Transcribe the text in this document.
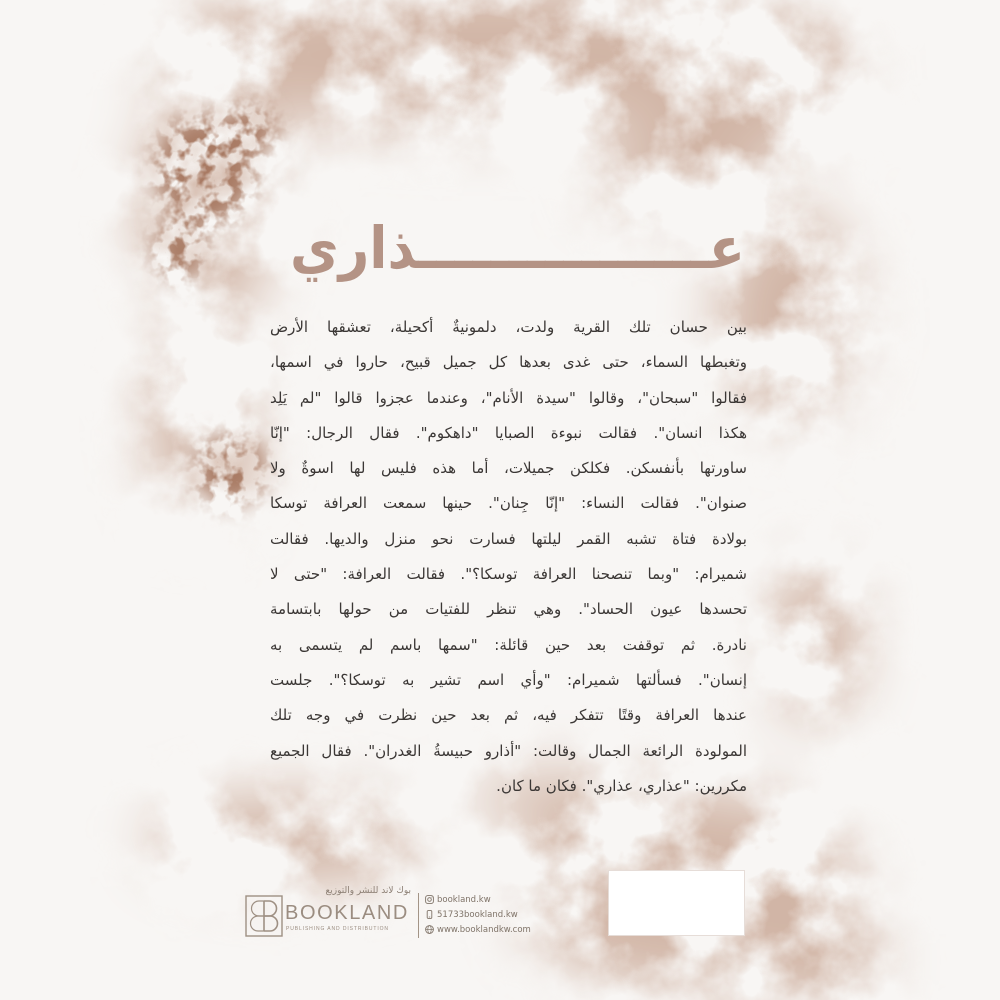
عــــــــــــــــذاري
بين حسان تلك القرية ولدت، دلمونيةٌ أكحيلة، تعشقها الأرض
وتغبطها السماء، حتى غدى بعدها كل جميل قبيح، حاروا في اسمها،
فقالوا "سبحان"، وقالوا "سيدة الأنام"، وعندما عجزوا قالوا "لم يَلِد
هكذا انسان". فقالت نبوءة الصبايا "داهكوم". فقال الرجال: "إنّا
ساورتها بأنفسكن. فكلكن جميلات، أما هذه فليس لها اسوةٌ ولا
صنوان". فقالت النساء: "إنّا جِنان". حينها سمعت العرافة توسكا
بولادة فتاة تشبه القمر ليلتها فسارت نحو منزل والديها. فقالت
شميرام: "وبما تنصحنا العرافة توسكا؟". فقالت العرافة: "حتى لا
تحسدها عيون الحساد". وهي تنظر للفتيات من حولها بابتسامة
نادرة. ثم توقفت بعد حين قائلة: "سمها باسم لم يتسمى به
إنسان". فسألتها شميرام: "وأي اسم تشير به توسكا؟". جلست
عندها العرافة وقتًا تتفكر فيه، ثم بعد حين نظرت في وجه تلك
المولودة الرائعة الجمال وقالت: "أذارو حبيسةُ الغدران". فقال الجميع
مكررين: "عذاري، عذاري". فكان ما كان.
بوك لاند للنشر والتوزيع
BOOKLAND
PUBLISHING AND DISTRIBUTION
bookland.kw
51733bookland.kw
www.booklandkw.com
